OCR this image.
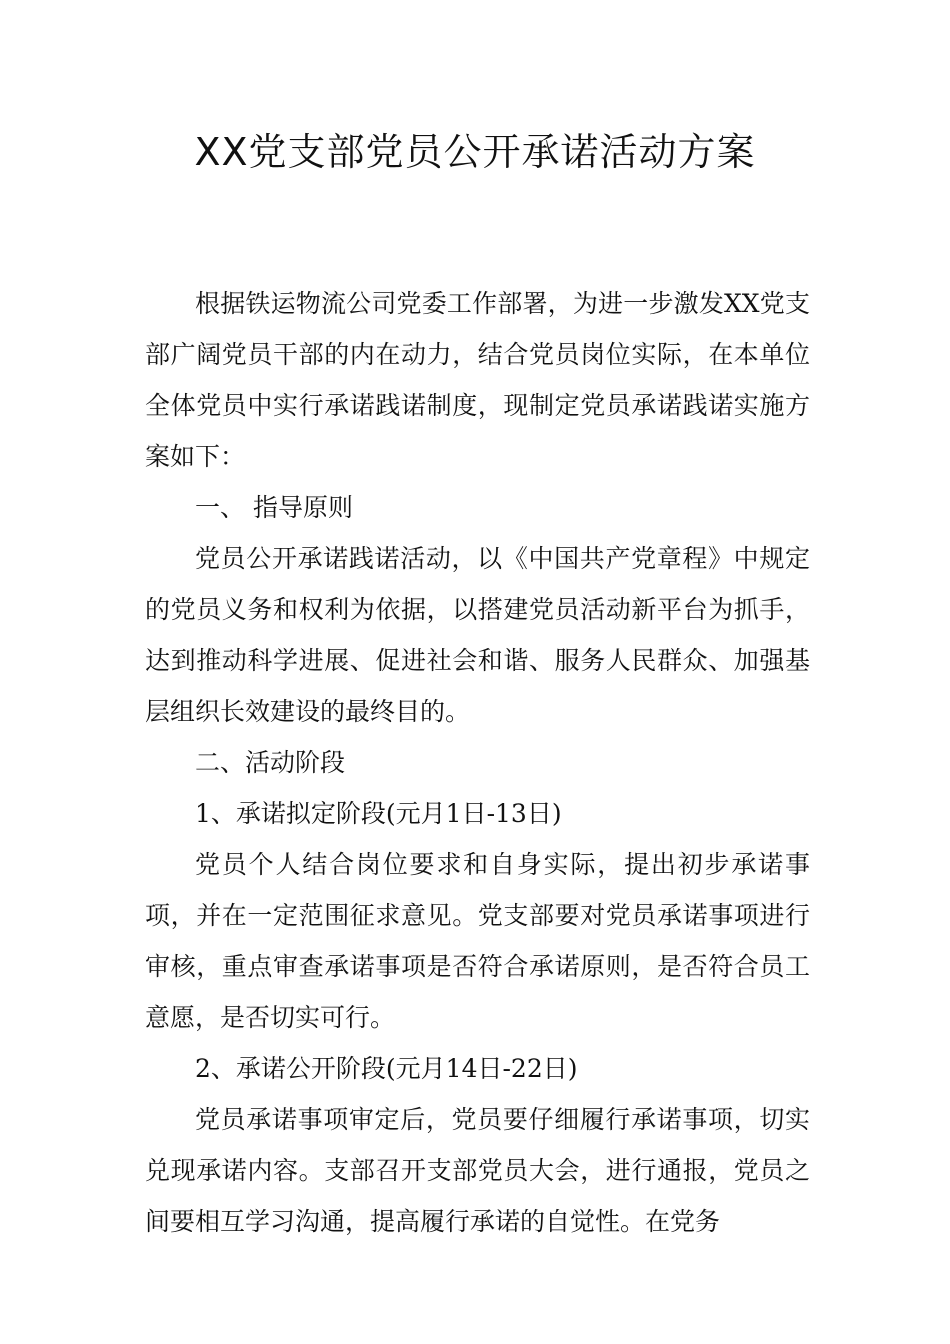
XX党支部党员公开承诺活动方案

根据铁运物流公司党委工作部署，为进一步激发XX党支部广阔党员干部的内在动力，结合党员岗位实际，在本单位全体党员中实行承诺践诺制度，现制定党员承诺践诺实施方案如下：

一、 指导原则

党员公开承诺践诺活动，以《中国共产党章程》中规定的党员义务和权利为依据，以搭建党员活动新平台为抓手，达到推动科学进展、促进社会和谐、服务人民群众、加强基层组织长效建设的最终目的。

二、活动阶段

1、承诺拟定阶段(元月1日-13日)

党员个人结合岗位要求和自身实际，提出初步承诺事项，并在一定范围征求意见。党支部要对党员承诺事项进行审核，重点审查承诺事项是否符合承诺原则，是否符合员工意愿，是否切实可行。

2、承诺公开阶段(元月14日-22日)

党员承诺事项审定后，党员要仔细履行承诺事项，切实兑现承诺内容。支部召开支部党员大会，进行通报，党员之间要相互学习沟通，提高履行承诺的自觉性。在党务
